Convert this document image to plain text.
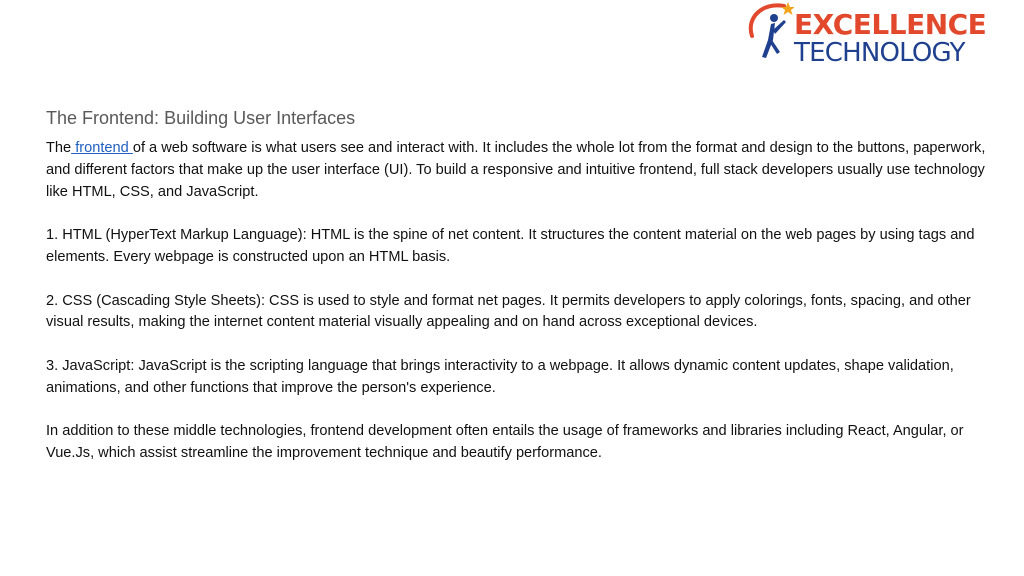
EXCELLENCE
TECHNOLOGY
The Frontend: Building User Interfaces

The frontend of a web software is what users see and interact with. It includes the whole lot from the format and design to the buttons, paperwork, and different factors that make up the user interface (UI). To build a responsive and intuitive frontend, full stack developers usually use technology like HTML, CSS, and JavaScript.

1. HTML (HyperText Markup Language): HTML is the spine of net content. It structures the content material on the web pages by using tags and elements. Every webpage is constructed upon an HTML basis.

2. CSS (Cascading Style Sheets): CSS is used to style and format net pages. It permits developers to apply colorings, fonts, spacing, and other visual results, making the internet content material visually appealing and on hand across exceptional devices.

3. JavaScript: JavaScript is the scripting language that brings interactivity to a webpage. It allows dynamic content updates, shape validation, animations, and other functions that improve the person's experience.

In addition to these middle technologies, frontend development often entails the usage of frameworks and libraries including React, Angular, or Vue.Js, which assist streamline the improvement technique and beautify performance.
